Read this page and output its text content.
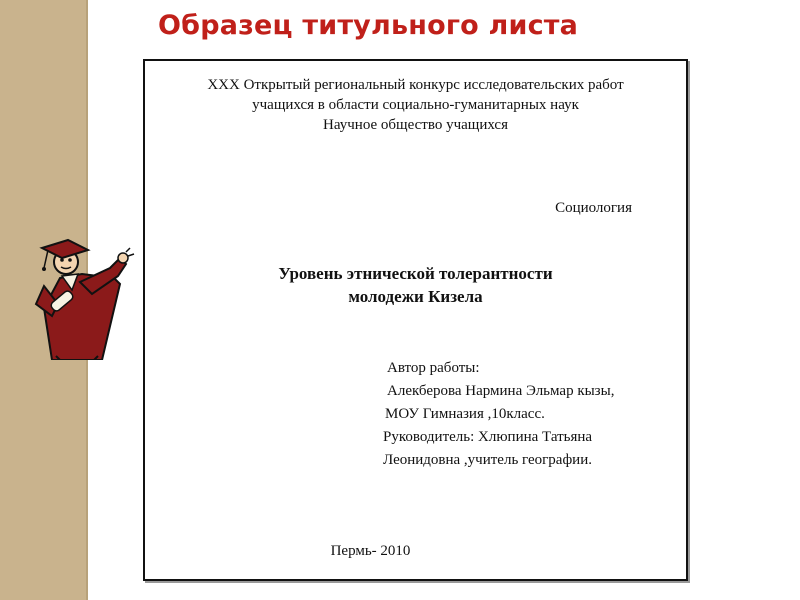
Образец титульного листа
XXX Открытый региональный конкурс исследовательских работ
учащихся в области социально-гуманитарных наук
Научное общество учащихся
Социология
Уровень этнической толерантности
молодежи Кизела
Автор работы:
Алекберова Нармина Эльмар кызы,
МОУ Гимназия ,10класс.
Руководитель: Хлюпина Татьяна
Леонидовна ,учитель географии.
Пермь- 2010
